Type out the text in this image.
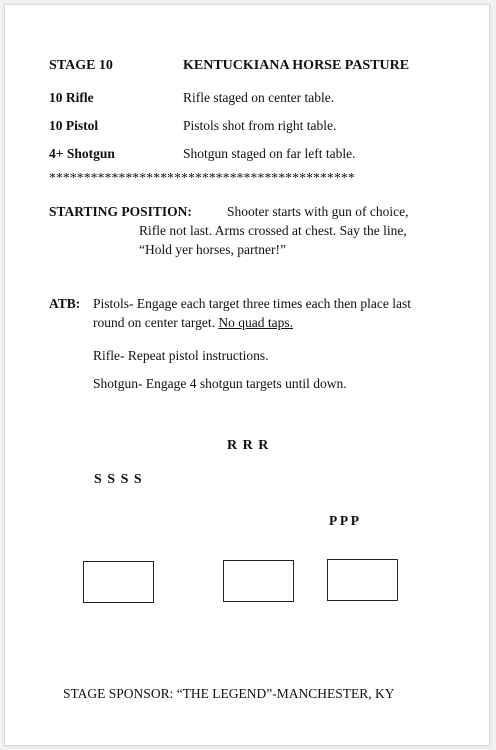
STAGE 10	KENTUCKIANA HORSE PASTURE
10 Rifle	Rifle staged on center table.
10 Pistol	Pistols shot from right table.
4+ Shotgun	Shotgun staged on far left table.
********************************************
STARTING POSITION:	Shooter starts with gun of choice,
Rifle not last. Arms crossed at chest. Say the line,
“Hold yer horses, partner!”
ATB: Pistols- Engage each target three times each then place last
round on center target. No quad taps.
Rifle- Repeat pistol instructions.
Shotgun- Engage 4 shotgun targets until down.
R R R
S S S S
P P P
STAGE SPONSOR: “THE LEGEND”-MANCHESTER, KY
